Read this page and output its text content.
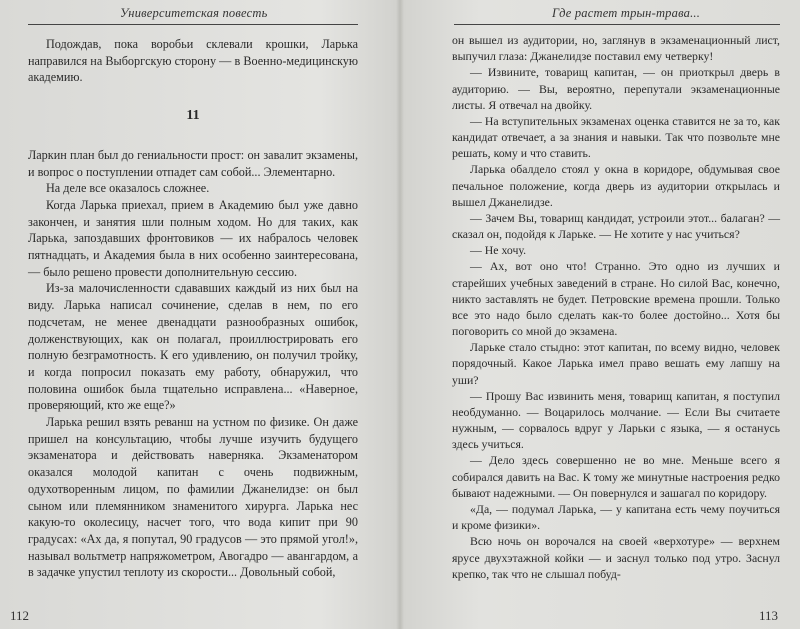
Университетская повесть

Подождав, пока воробьи склевали крошки, Ларька направился на Выборгскую сторону — в Военно-медицинскую академию.

11

Ларкин план был до гениальности прост: он завалит экзамены, и вопрос о поступлении отпадет сам собой... Элементарно.

На деле все оказалось сложнее.

Когда Ларька приехал, прием в Академию был уже давно закончен, и занятия шли полным ходом. Но для таких, как Ларька, запоздавших фронтовиков — их набралось человек пятнадцать, и Академия была в них особенно заинтересована, — было решено провести дополнительную сессию.

Из-за малочисленности сдававших каждый из них был на виду. Ларька написал сочинение, сделав в нем, по его подсчетам, не менее двенадцати разнообразных ошибок, долженствующих, как он полагал, проиллюстрировать его полную безграмотность. К его удивлению, он получил тройку, и когда попросил показать ему работу, обнаружил, что половина ошибок была тщательно исправлена... «Наверное, проверяющий, кто же еще?»

Ларька решил взять реванш на устном по физике. Он даже пришел на консультацию, чтобы лучше изучить будущего экзаменатора и действовать наверняка. Экзаменатором оказался молодой капитан с очень подвижным, одухотворенным лицом, по фамилии Джанелидзе: он был сыном или племянником знаменитого хирурга. Ларька нес какую-то околесицу, насчет того, что вода кипит при 90 градусах: «Ах да, я попутал, 90 градусов — это прямой угол!», называл вольтметр напряжометром, Авогадро — авангардом, а в задачке упустил теплоту из скорости... Довольный собой,

112
Где растет трын-трава...

он вышел из аудитории, но, заглянув в экзаменационный лист, выпучил глаза: Джанелидзе поставил ему четверку!

— Извините, товарищ капитан, — он приоткрыл дверь в аудиторию. — Вы, вероятно, перепутали экзаменационные листы. Я отвечал на двойку.

— На вступительных экзаменах оценка ставится не за то, как кандидат отвечает, а за знания и навыки. Так что позвольте мне решать, кому и что ставить.

Ларька обалдело стоял у окна в коридоре, обдумывая свое печальное положение, когда дверь из аудитории открылась и вышел Джанелидзе.

— Зачем Вы, товарищ кандидат, устроили этот... балаган? — сказал он, подойдя к Ларьке. — Не хотите у нас учиться?

— Не хочу.

— Ах, вот оно что! Странно. Это одно из лучших и старейших учебных заведений в стране. Но силой Вас, конечно, никто заставлять не будет. Петровские времена прошли. Только все это надо было сделать как-то более достойно... Хотя бы поговорить со мной до экзамена.

Ларьке стало стыдно: этот капитан, по всему видно, человек порядочный. Какое Ларька имел право вешать ему лапшу на уши?

— Прошу Вас извинить меня, товарищ капитан, я поступил необдуманно. — Воцарилось молчание. — Если Вы считаете нужным, — сорвалось вдруг у Ларьки с языка, — я останусь здесь учиться.

— Дело здесь совершенно не во мне. Меньше всего я собирался давить на Вас. К тому же минутные настроения редко бывают надежными. — Он повернулся и зашагал по коридору.

«Да, — подумал Ларька, — у капитана есть чему поучиться и кроме физики».

Всю ночь он ворочался на своей «верхотуре» — верхнем ярусе двухэтажной койки — и заснул только под утро. Заснул крепко, так что не слышал побуд-

113
